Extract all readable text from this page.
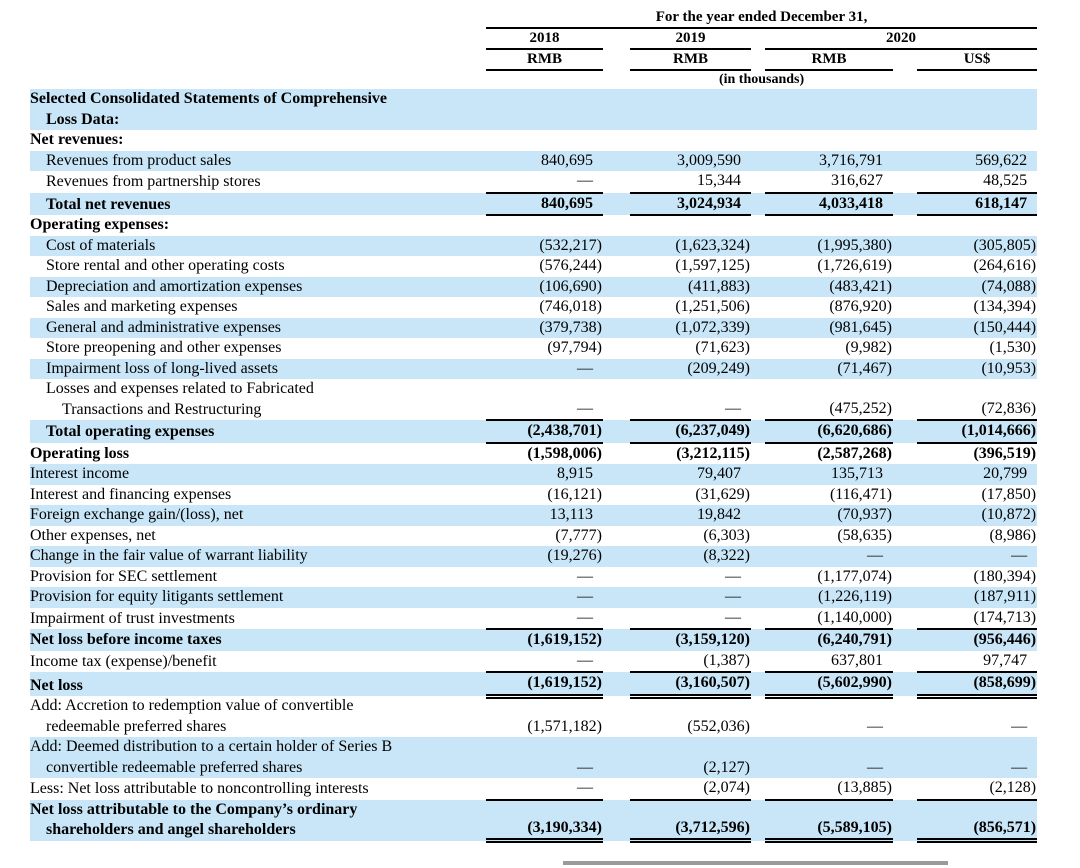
	For the year ended December 31,						
	2018		2019		2020		
	RMB		RMB		RMB		US$
	(in thousands)						

Selected Consolidated Statements of Comprehensive
Loss Data:							

Net revenues:							

Revenues from product sales	840,695		3,009,590		3,716,791		569,622

Revenues from partnership stores	—		15,344		316,627		48,525

Total net revenues	840,695		3,024,934		4,033,418		618,147

Operating expenses:							

Cost of materials	(532,217)		(1,623,324)		(1,995,380)		(305,805)

Store rental and other operating costs	(576,244)		(1,597,125)		(1,726,619)		(264,616)

Depreciation and amortization expenses	(106,690)		(411,883)		(483,421)		(74,088)

Sales and marketing expenses	(746,018)		(1,251,506)		(876,920)		(134,394)

General and administrative expenses	(379,738)		(1,072,339)		(981,645)		(150,444)

Store preopening and other expenses	(97,794)		(71,623)		(9,982)		(1,530)

Impairment loss of long-lived assets	—		(209,249)		(71,467)		(10,953)

Losses and expenses related to Fabricated
Transactions and Restructuring	—		—		(475,252)		(72,836)

Total operating expenses	(2,438,701)		(6,237,049)		(6,620,686)		(1,014,666)

Operating loss	(1,598,006)		(3,212,115)		(2,587,268)		(396,519)

Interest income	8,915		79,407		135,713		20,799

Interest and financing expenses	(16,121)		(31,629)		(116,471)		(17,850)

Foreign exchange gain/(loss), net	13,113		19,842		(70,937)		(10,872)

Other expenses, net	(7,777)		(6,303)		(58,635)		(8,986)

Change in the fair value of warrant liability	(19,276)		(8,322)		—		—

Provision for SEC settlement	—		—		(1,177,074)		(180,394)

Provision for equity litigants settlement	—		—		(1,226,119)		(187,911)

Impairment of trust investments	—		—		(1,140,000)		(174,713)

Net loss before income taxes	(1,619,152)		(3,159,120)		(6,240,791)		(956,446)

Income tax (expense)/benefit	—		(1,387)		637,801		97,747

Net loss	(1,619,152)		(3,160,507)		(5,602,990)		(858,699)

Add: Accretion to redemption value of convertible
redeemable preferred shares	(1,571,182)		(552,036)		—		—

Add: Deemed distribution to a certain holder of Series B
convertible redeemable preferred shares	—		(2,127)		—		—

Less: Net loss attributable to noncontrolling interests	—		(2,074)		(13,885)		(2,128)

Net loss attributable to the Company’s ordinary
shareholders and angel shareholders	(3,190,334)		(3,712,596)		(5,589,105)		(856,571)
